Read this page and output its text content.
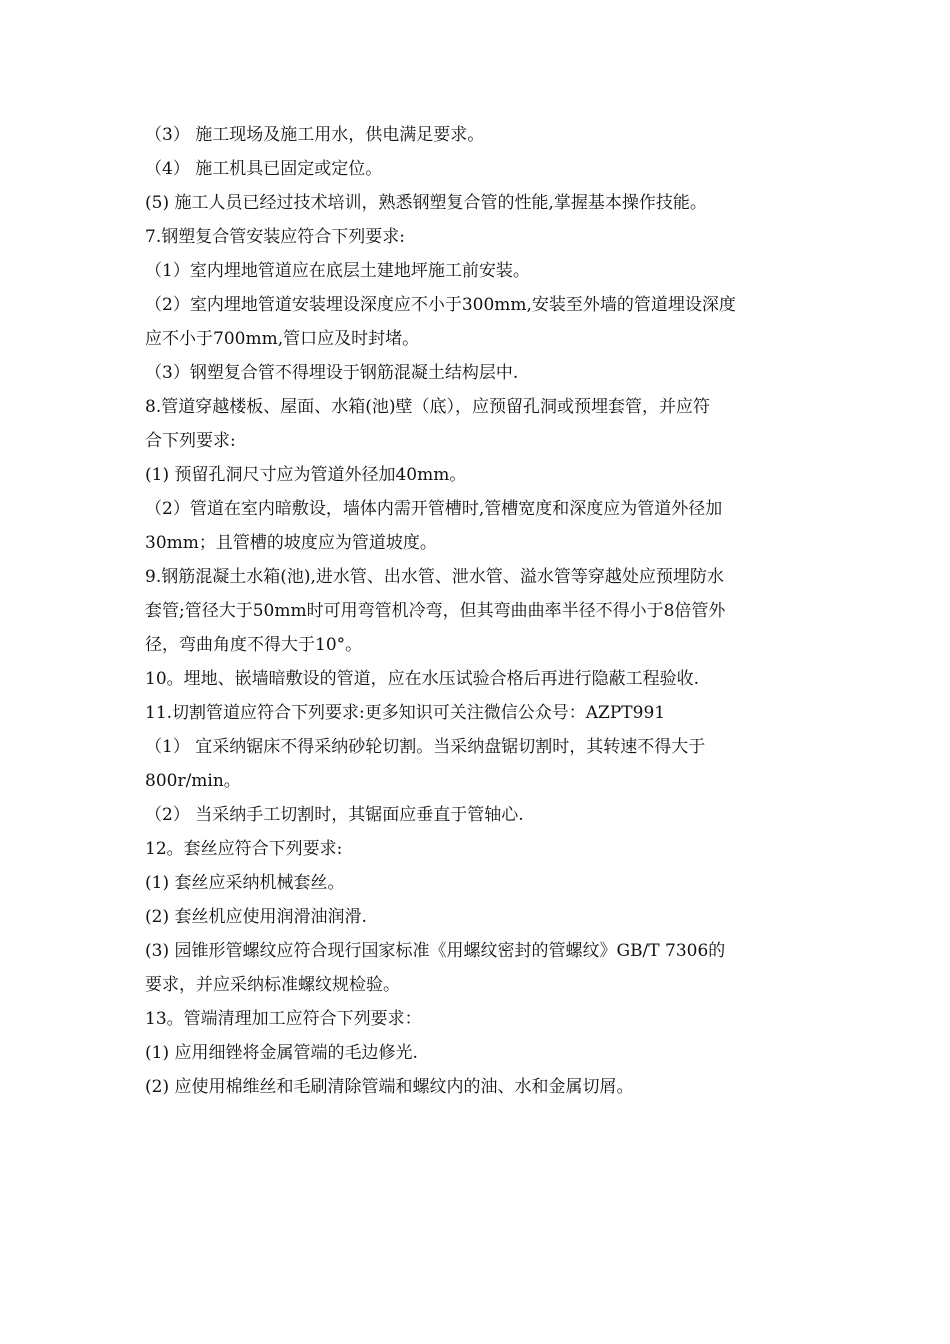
（3） 施工现场及施工用水，供电满足要求。
（4） 施工机具已固定或定位。
(5) 施工人员已经过技术培训，熟悉钢塑复合管的性能,掌握基本操作技能。
7.钢塑复合管安装应符合下列要求:
（1）室内埋地管道应在底层土建地坪施工前安装。
（2）室内埋地管道安装埋设深度应不小于300mm,安装至外墙的管道埋设深度
应不小于700mm,管口应及时封堵。
（3）钢塑复合管不得埋设于钢筋混凝土结构层中.
8.管道穿越楼板、屋面、水箱(池)壁（底），应预留孔洞或预埋套管，并应符
合下列要求:
(1) 预留孔洞尺寸应为管道外径加40mm。
（2）管道在室内暗敷设，墙体内需开管槽时,管槽宽度和深度应为管道外径加
30mm；且管槽的坡度应为管道坡度。
9.钢筋混凝土水箱(池),进水管、出水管、泄水管、溢水管等穿越处应预埋防水
套管;管径大于50mm时可用弯管机冷弯，但其弯曲曲率半径不得小于8倍管外
径，弯曲角度不得大于10°。
10。埋地、嵌墙暗敷设的管道，应在水压试验合格后再进行隐蔽工程验收.
11.切割管道应符合下列要求:更多知识可关注微信公众号：AZPT991
（1） 宜采纳锯床不得采纳砂轮切割。当采纳盘锯切割时，其转速不得大于
800r/min。
（2） 当采纳手工切割时，其锯面应垂直于管轴心.
12。套丝应符合下列要求:
(1) 套丝应采纳机械套丝。
(2) 套丝机应使用润滑油润滑.
(3) 园锥形管螺纹应符合现行国家标准《用螺纹密封的管螺纹》GB/T 7306的
要求，并应采纳标准螺纹规检验。
13。管端清理加工应符合下列要求：
(1) 应用细锉将金属管端的毛边修光.
(2) 应使用棉维丝和毛刷清除管端和螺纹内的油、水和金属切屑。
